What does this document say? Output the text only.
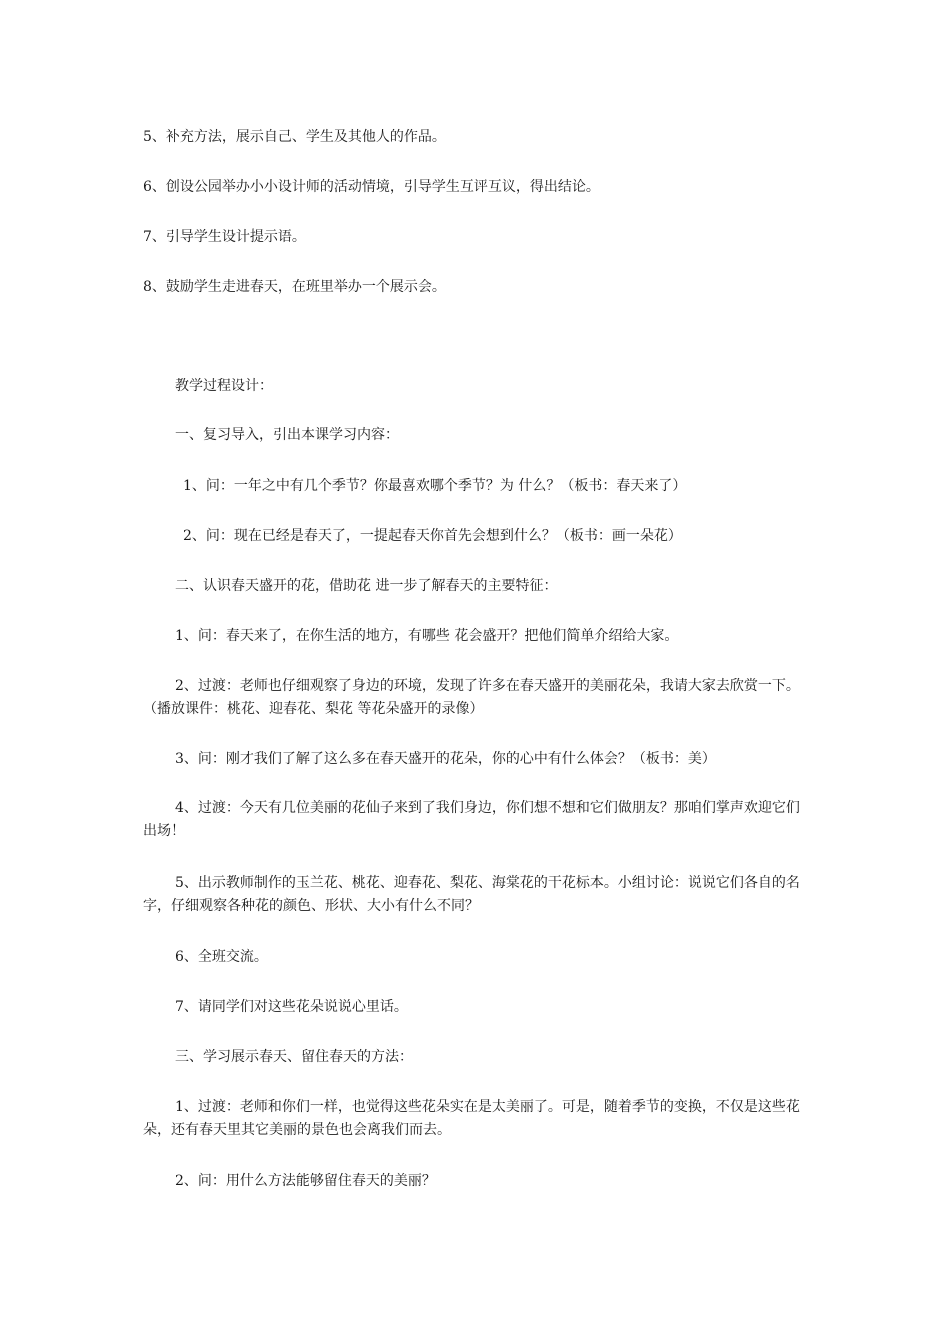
5、补充方法，展示自己、学生及其他人的作品。

6、创设公园举办小小设计师的活动情境，引导学生互评互议，得出结论。

7、引导学生设计提示语。

8、鼓励学生走进春天，在班里举办一个展示会。

教学过程设计：

一、复习导入，引出本课学习内容：

1、问：一年之中有几个季节？你最喜欢哪个季节？为 什么？（板书：春天来了）

2、问：现在已经是春天了，一提起春天你首先会想到什么？（板书：画一朵花）

二、认识春天盛开的花，借助花 进一步了解春天的主要特征：

1、问：春天来了，在你生活的地方，有哪些 花会盛开？把他们简单介绍给大家。

2、过渡：老师也仔细观察了身边的环境，发现了许多在春天盛开的美丽花朵，我请大家去欣赏一下。（播放课件：桃花、迎春花、梨花 等花朵盛开的录像）

3、问：刚才我们了解了这么多在春天盛开的花朵，你的心中有什么体会？（板书：美）

4、过渡：今天有几位美丽的花仙子来到了我们身边，你们想不想和它们做朋友？那咱们掌声欢迎它们出场！

5、出示教师制作的玉兰花、桃花、迎春花、梨花、海棠花的干花标本。小组讨论：说说它们各自的名字，仔细观察各种花的颜色、形状、大小有什么不同？

6、全班交流。

7、请同学们对这些花朵说说心里话。

三、学习展示春天、留住春天的方法：

1、过渡：老师和你们一样，也觉得这些花朵实在是太美丽了。可是，随着季节的变换，不仅是这些花朵，还有春天里其它美丽的景色也会离我们而去。

2、问：用什么方法能够留住春天的美丽？
